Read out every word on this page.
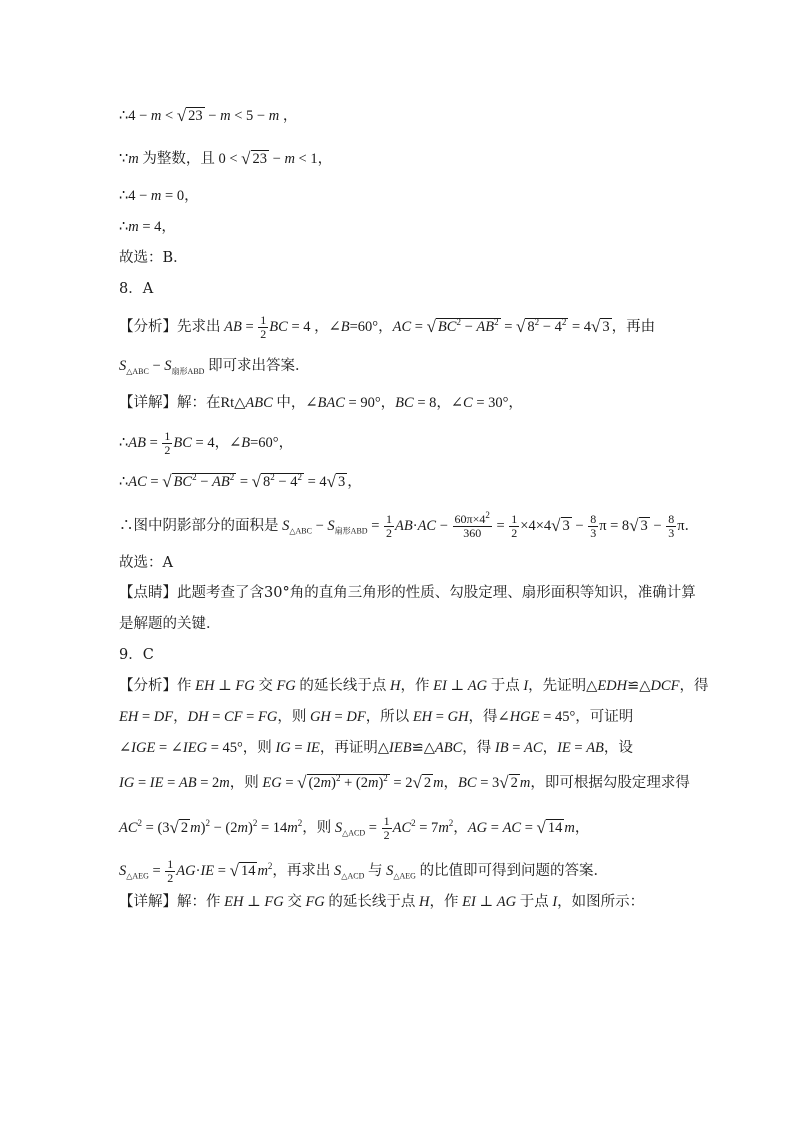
∴4 − m < √ 23 − m < 5 − m ，
∵m 为整数，且 0 < √ 23 − m < 1，
∴4 − m = 0，
∴m = 4，
故选：B．
8．A
【分析】先求出 AB = $\frac{1}{2}$ BC = 4 ，∠B=60°，AC = √ $BC^2 - AB^2$ = √ $8^2 - 4^2 = 4√$ 3 ，再由
$S_{\triangle ABC} - S_{扇形ABD}$ 即可求出答案．
【详解】解：在Rt△ABC 中，∠BAC = 90°，BC = 8，∠C = 30°，
∴AB = $\frac{1}{2}$ BC = 4，∠B=60°，
∴AC = √ $BC^2 - AB^2$ = √ $8^2 - 4^2 = 4√$ 3 ，
∴图中阴影部分的面积是 $S_{\triangle ABC} - S_{扇形ABD} = \frac{1}{2} AB\cdot AC - \frac{60\pi\times 4^2}{360} = \frac{1}{2} \times 4\times 4√$ $3 - \frac{8}{3}$ π = 8√ $3 - \frac{8}{3}$ π．
故选：A
【点睛】此题考查了含30°角的直角三角形的性质、勾股定理、扇形面积等知识，准确计算
是解题的关键．
9．C
【分析】作 EH ⊥ FG 交 FG 的延长线于点 H，作 EI ⊥ AG 于点 I，先证明△EDH≌△DCF，得
EH = DF，DH = CF = FG，则 GH = DF，所以 EH = GH，得∠HGE = 45°，可证明
∠IGE = ∠IEG = 45°，则 IG = IE，再证明△IEB≌△ABC，得 IB = AC，IE = AB，设
IG = IE = AB = 2m，则 EG = √ $(2m)^2 + (2m)^2 = 2√$ 2 m，BC = 3√ 2 m，即可根据勾股定理求得
$AC^2 = (3√$ 2 $m)^2 - (2m)^2 = 14m^2$，则 $S_{\triangle ACD} = \frac{1}{2} AC^2 = 7m^2$，AG = AC = √ 14 m，
$S_{\triangle AEG} = \frac{1}{2} AG\cdot IE$ = √ 14 $m^2$，再求出 $S_{\triangle ACD}$ 与 $S_{\triangle AEG}$ 的比值即可得到问题的答案．
【详解】解：作 EH ⊥ FG 交 FG 的延长线于点 H，作 EI ⊥ AG 于点 I，如图所示：
